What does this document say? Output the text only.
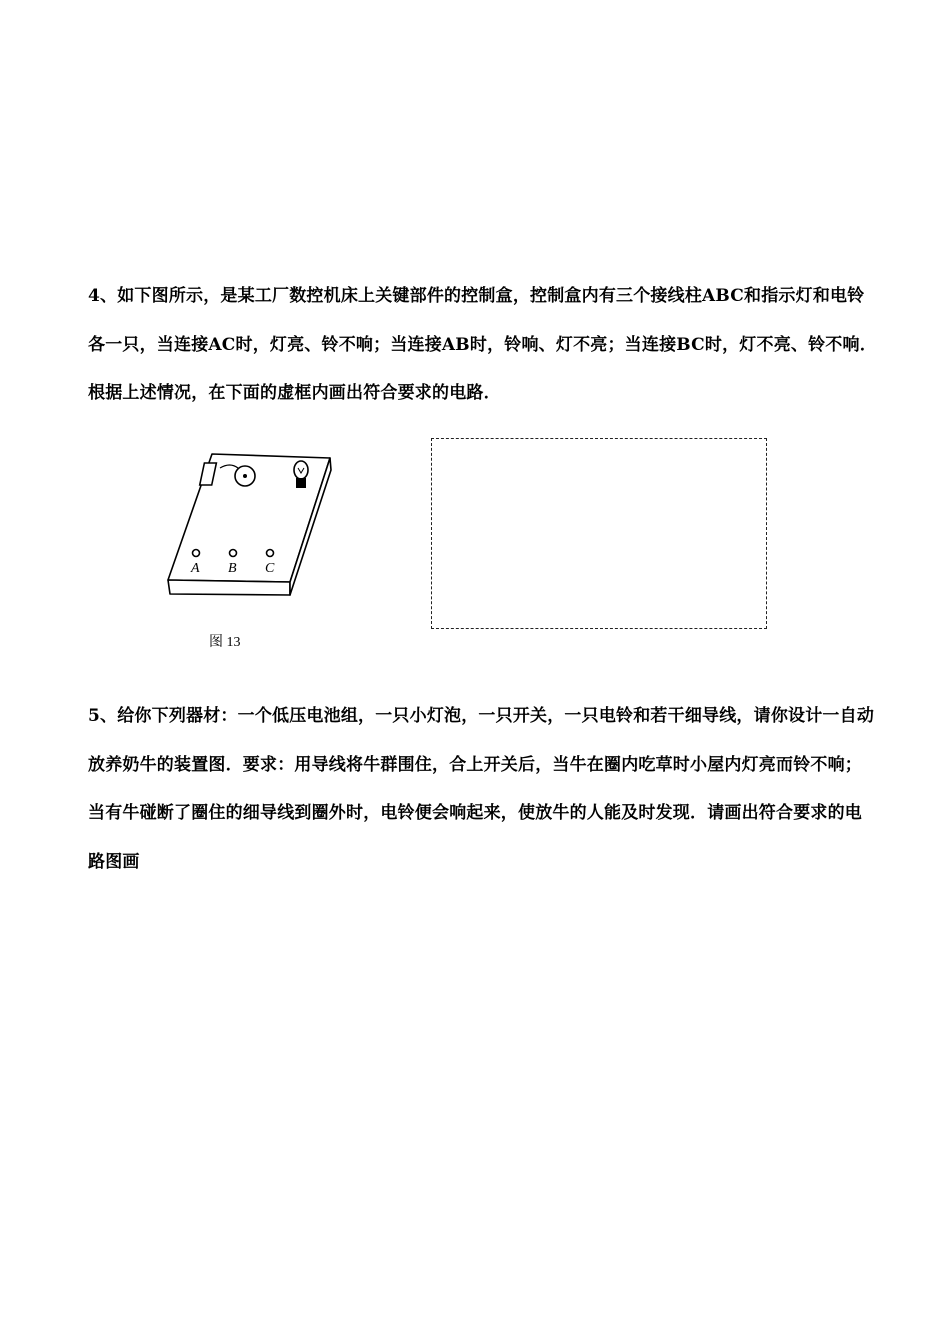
4、如下图所示，是某工厂数控机床上关键部件的控制盒，控制盒内有三个接线柱ABC和指示灯和电铃各一只，当连接AC时，灯亮、铃不响；当连接AB时，铃响、灯不亮；当连接BC时，灯不亮、铃不响．根据上述情况，在下面的虚框内画出符合要求的电路．
A B C
图 13
5、给你下列器材：一个低压电池组，一只小灯泡，一只开关，一只电铃和若干细导线，请你设计一自动放养奶牛的装置图．要求：用导线将牛群围住，合上开关后，当牛在圈内吃草时小屋内灯亮而铃不响；当有牛碰断了圈住的细导线到圈外时，电铃便会响起来，使放牛的人能及时发现．请画出符合要求的电路图画
